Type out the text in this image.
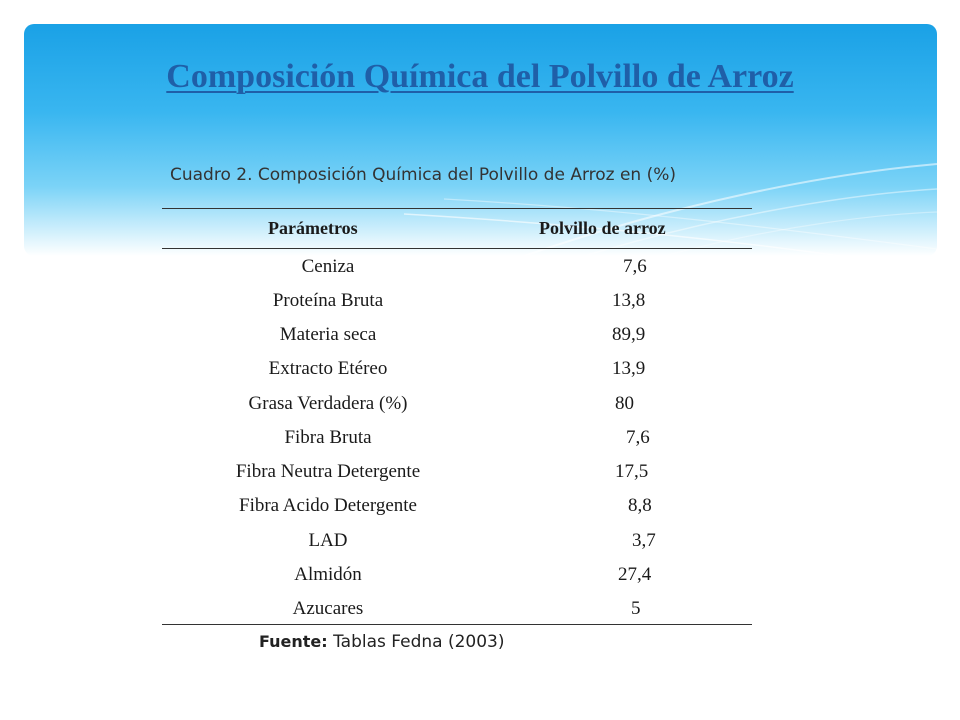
Composición Química del Polvillo de Arroz
Cuadro 2. Composición Química del Polvillo de Arroz en (%)
Parámetros	Polvillo de arroz
Ceniza	7,6
Proteína Bruta	13,8
Materia seca	89,9
Extracto Etéreo	13,9
Grasa Verdadera (%)	80
Fibra Bruta	7,6
Fibra Neutra Detergente	17,5
Fibra Acido Detergente	8,8
LAD	3,7
Almidón	27,4
Azucares	5
Fuente: Tablas Fedna (2003)
